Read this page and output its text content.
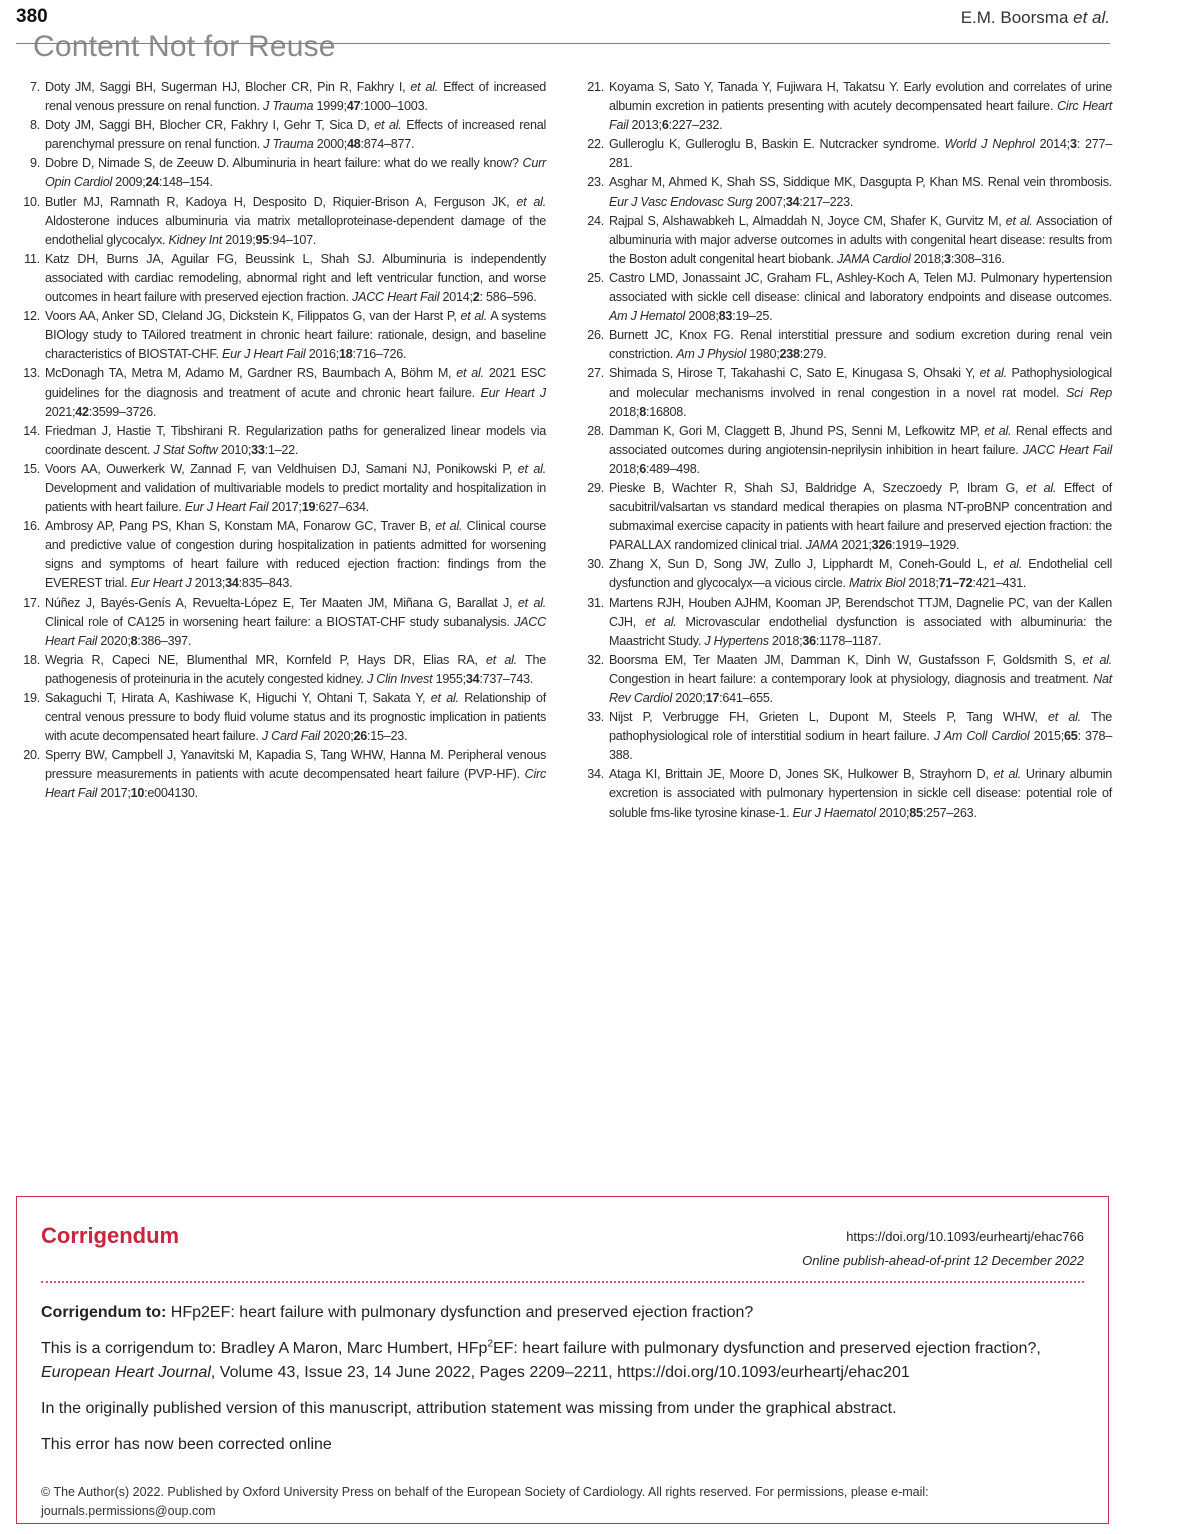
380
Content Not for Reuse
E.M. Boorsma et al.
7. Doty JM, Saggi BH, Sugerman HJ, Blocher CR, Pin R, Fakhry I, et al. Effect of increased renal venous pressure on renal function. J Trauma 1999;47:1000–1003.
8. Doty JM, Saggi BH, Blocher CR, Fakhry I, Gehr T, Sica D, et al. Effects of increased renal parenchymal pressure on renal function. J Trauma 2000;48:874–877.
9. Dobre D, Nimade S, de Zeeuw D. Albuminuria in heart failure: what do we really know? Curr Opin Cardiol 2009;24:148–154.
10. Butler MJ, Ramnath R, Kadoya H, Desposito D, Riquier-Brison A, Ferguson JK, et al. Aldosterone induces albuminuria via matrix metalloproteinase-dependent damage of the endothelial glycocalyx. Kidney Int 2019;95:94–107.
11. Katz DH, Burns JA, Aguilar FG, Beussink L, Shah SJ. Albuminuria is independently associated with cardiac remodeling, abnormal right and left ventricular function, and worse outcomes in heart failure with preserved ejection fraction. JACC Heart Fail 2014;2: 586–596.
12. Voors AA, Anker SD, Cleland JG, Dickstein K, Filippatos G, van der Harst P, et al. A systems BIOlogy study to TAilored treatment in chronic heart failure: rationale, design, and baseline characteristics of BIOSTAT-CHF. Eur J Heart Fail 2016;18:716–726.
13. McDonagh TA, Metra M, Adamo M, Gardner RS, Baumbach A, Böhm M, et al. 2021 ESC guidelines for the diagnosis and treatment of acute and chronic heart failure. Eur Heart J 2021;42:3599–3726.
14. Friedman J, Hastie T, Tibshirani R. Regularization paths for generalized linear models via coordinate descent. J Stat Softw 2010;33:1–22.
15. Voors AA, Ouwerkerk W, Zannad F, van Veldhuisen DJ, Samani NJ, Ponikowski P, et al. Development and validation of multivariable models to predict mortality and hospitalization in patients with heart failure. Eur J Heart Fail 2017;19:627–634.
16. Ambrosy AP, Pang PS, Khan S, Konstam MA, Fonarow GC, Traver B, et al. Clinical course and predictive value of congestion during hospitalization in patients admitted for worsening signs and symptoms of heart failure with reduced ejection fraction: findings from the EVEREST trial. Eur Heart J 2013;34:835–843.
17. Núñez J, Bayés-Genís A, Revuelta-López E, Ter Maaten JM, Miñana G, Barallat J, et al. Clinical role of CA125 in worsening heart failure: a BIOSTAT-CHF study subanalysis. JACC Heart Fail 2020;8:386–397.
18. Wegria R, Capeci NE, Blumenthal MR, Kornfeld P, Hays DR, Elias RA, et al. The pathogenesis of proteinuria in the acutely congested kidney. J Clin Invest 1955;34:737–743.
19. Sakaguchi T, Hirata A, Kashiwase K, Higuchi Y, Ohtani T, Sakata Y, et al. Relationship of central venous pressure to body fluid volume status and its prognostic implication in patients with acute decompensated heart failure. J Card Fail 2020;26:15–23.
20. Sperry BW, Campbell J, Yanavitski M, Kapadia S, Tang WHW, Hanna M. Peripheral venous pressure measurements in patients with acute decompensated heart failure (PVP-HF). Circ Heart Fail 2017;10:e004130.
21. Koyama S, Sato Y, Tanada Y, Fujiwara H, Takatsu Y. Early evolution and correlates of urine albumin excretion in patients presenting with acutely decompensated heart failure. Circ Heart Fail 2013;6:227–232.
22. Gulleroglu K, Gulleroglu B, Baskin E. Nutcracker syndrome. World J Nephrol 2014;3: 277–281.
23. Asghar M, Ahmed K, Shah SS, Siddique MK, Dasgupta P, Khan MS. Renal vein thrombosis. Eur J Vasc Endovasc Surg 2007;34:217–223.
24. Rajpal S, Alshawabkeh L, Almaddah N, Joyce CM, Shafer K, Gurvitz M, et al. Association of albuminuria with major adverse outcomes in adults with congenital heart disease: results from the Boston adult congenital heart biobank. JAMA Cardiol 2018;3:308–316.
25. Castro LMD, Jonassaint JC, Graham FL, Ashley-Koch A, Telen MJ. Pulmonary hypertension associated with sickle cell disease: clinical and laboratory endpoints and disease outcomes. Am J Hematol 2008;83:19–25.
26. Burnett JC, Knox FG. Renal interstitial pressure and sodium excretion during renal vein constriction. Am J Physiol 1980;238:279.
27. Shimada S, Hirose T, Takahashi C, Sato E, Kinugasa S, Ohsaki Y, et al. Pathophysiological and molecular mechanisms involved in renal congestion in a novel rat model. Sci Rep 2018;8:16808.
28. Damman K, Gori M, Claggett B, Jhund PS, Senni M, Lefkowitz MP, et al. Renal effects and associated outcomes during angiotensin-neprilysin inhibition in heart failure. JACC Heart Fail 2018;6:489–498.
29. Pieske B, Wachter R, Shah SJ, Baldridge A, Szeczoedy P, Ibram G, et al. Effect of sacubitril/valsartan vs standard medical therapies on plasma NT-proBNP concentration and submaximal exercise capacity in patients with heart failure and preserved ejection fraction: the PARALLAX randomized clinical trial. JAMA 2021;326:1919–1929.
30. Zhang X, Sun D, Song JW, Zullo J, Lipphardt M, Coneh-Gould L, et al. Endothelial cell dysfunction and glycocalyx—a vicious circle. Matrix Biol 2018;71–72:421–431.
31. Martens RJH, Houben AJHM, Kooman JP, Berendschot TTJM, Dagnelie PC, van der Kallen CJH, et al. Microvascular endothelial dysfunction is associated with albuminuria: the Maastricht Study. J Hypertens 2018;36:1178–1187.
32. Boorsma EM, Ter Maaten JM, Damman K, Dinh W, Gustafsson F, Goldsmith S, et al. Congestion in heart failure: a contemporary look at physiology, diagnosis and treatment. Nat Rev Cardiol 2020;17:641–655.
33. Nijst P, Verbrugge FH, Grieten L, Dupont M, Steels P, Tang WHW, et al. The pathophysiological role of interstitial sodium in heart failure. J Am Coll Cardiol 2015;65: 378–388.
34. Ataga KI, Brittain JE, Moore D, Jones SK, Hulkower B, Strayhorn D, et al. Urinary albumin excretion is associated with pulmonary hypertension in sickle cell disease: potential role of soluble fms-like tyrosine kinase-1. Eur J Haematol 2010;85:257–263.
Corrigendum	https://doi.org/10.1093/eurheartj/ehac766
Online publish-ahead-of-print 12 December 2022

Corrigendum to: HFp2EF: heart failure with pulmonary dysfunction and preserved ejection fraction?

This is a corrigendum to: Bradley A Maron, Marc Humbert, HFp$^2$EF: heart failure with pulmonary dysfunction and preserved ejection fraction?, European Heart Journal, Volume 43, Issue 23, 14 June 2022, Pages 2209–2211, https://doi.org/10.1093/eurheartj/ehac201

In the originally published version of this manuscript, attribution statement was missing from under the graphical abstract.

This error has now been corrected online

© The Author(s) 2022. Published by Oxford University Press on behalf of the European Society of Cardiology. All rights reserved. For permissions, please e-mail: journals.permissions@oup.com
